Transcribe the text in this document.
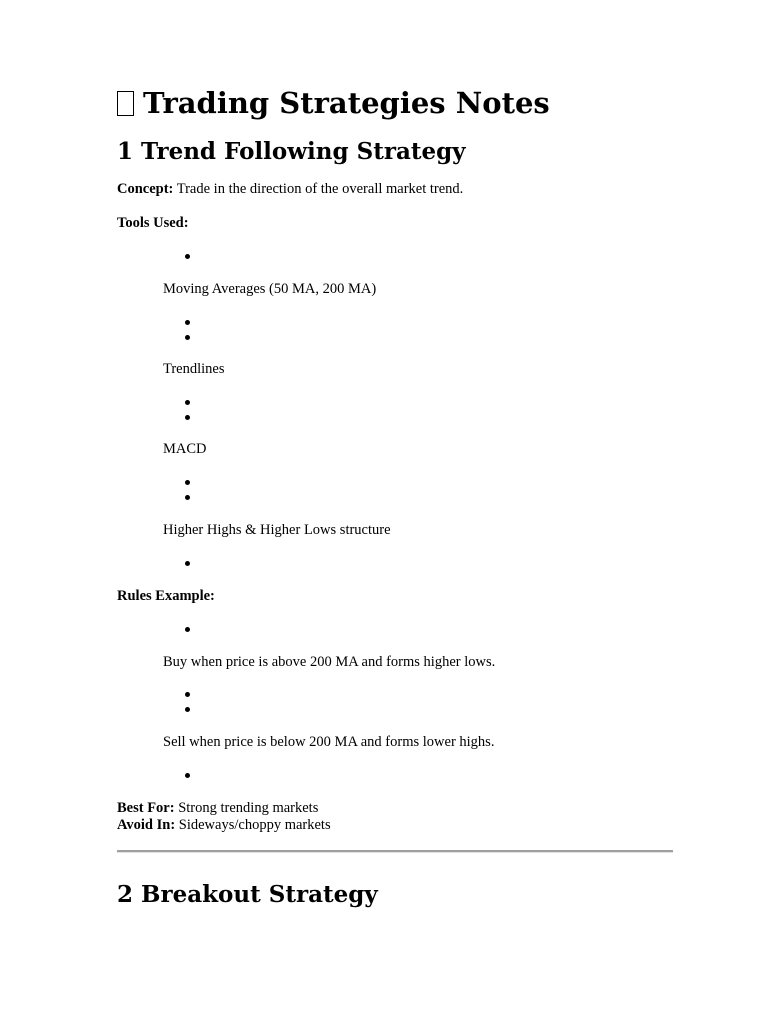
Trading Strategies Notes
1 Trend Following Strategy

Concept: Trade in the direction of the overall market trend.

Tools Used:

Moving Averages (50 MA, 200 MA)

Trendlines

MACD

Higher Highs & Higher Lows structure

Rules Example:

Buy when price is above 200 MA and forms higher lows.

Sell when price is below 200 MA and forms lower highs.

Best For: Strong trending markets

Avoid In: Sideways/choppy markets

2 Breakout Strategy
